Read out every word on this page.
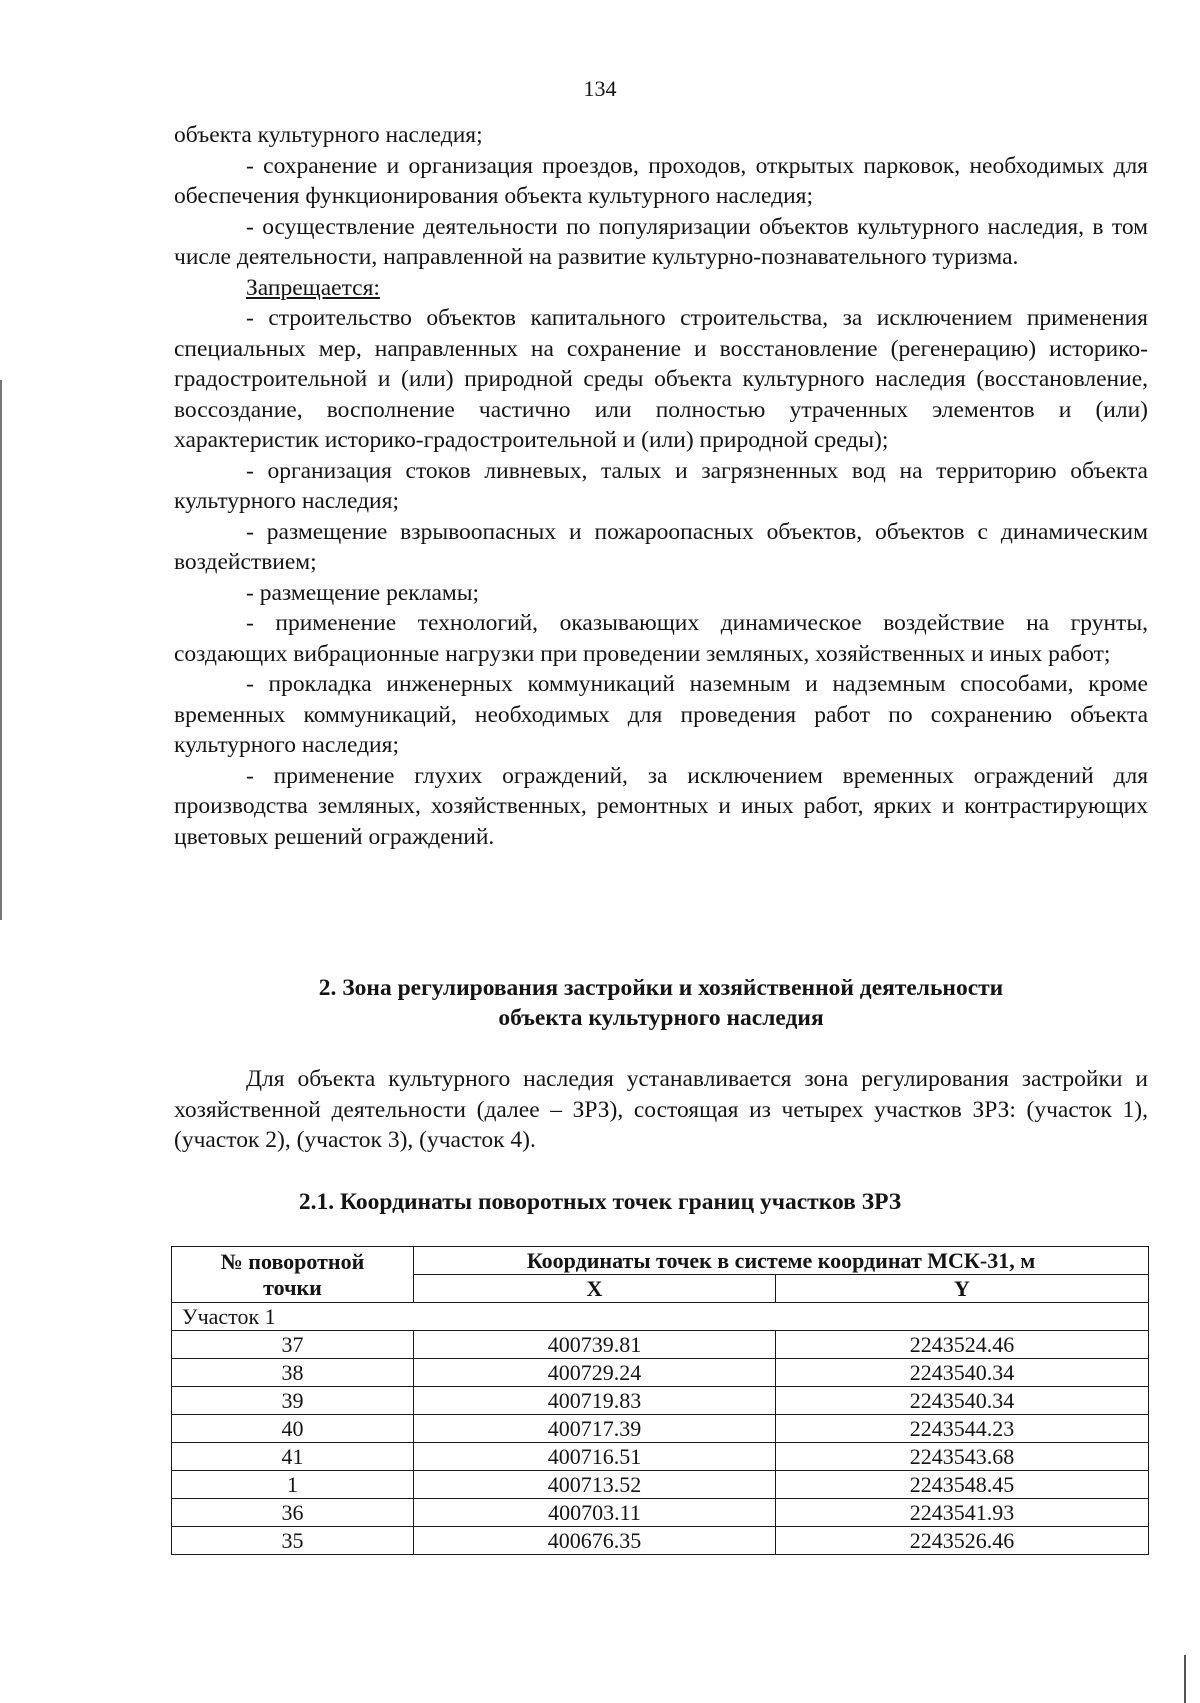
134

объекта культурного наследия;

- сохранение и организация проездов, проходов, открытых парковок, необходимых для обеспечения функционирования объекта культурного наследия;

- осуществление деятельности по популяризации объектов культурного наследия, в том числе деятельности, направленной на развитие культурно-познавательного туризма.

Запрещается:

- строительство объектов капитального строительства, за исключением применения специальных мер, направленных на сохранение и восстановление (регенерацию) историко-градостроительной и (или) природной среды объекта культурного наследия (восстановление, воссоздание, восполнение частично или полностью утраченных элементов и (или) характеристик историко-градостроительной и (или) природной среды);

- организация стоков ливневых, талых и загрязненных вод на территорию объекта культурного наследия;

- размещение взрывоопасных и пожароопасных объектов, объектов с динамическим воздействием;

- размещение рекламы;

- применение технологий, оказывающих динамическое воздействие на грунты, создающих вибрационные нагрузки при проведении земляных, хозяйственных и иных работ;

- прокладка инженерных коммуникаций наземным и надземным способами, кроме временных коммуникаций, необходимых для проведения работ по сохранению объекта культурного наследия;

- применение глухих ограждений, за исключением временных ограждений для производства земляных, хозяйственных, ремонтных и иных работ, ярких и контрастирующих цветовых решений ограждений.

2. Зона регулирования застройки и хозяйственной деятельности
объекта культурного наследия

Для объекта культурного наследия устанавливается зона регулирования застройки и хозяйственной деятельности (далее – ЗРЗ), состоящая из четырех участков ЗРЗ: (участок 1), (участок 2), (участок 3), (участок 4).

2.1. Координаты поворотных точек границ участков ЗРЗ
№ поворотной
точки	Координаты точек в системе координат МСК-31, м	
	X	Y
Участок 1		
37	400739.81	2243524.46
38	400729.24	2243540.34
39	400719.83	2243540.34
40	400717.39	2243544.23
41	400716.51	2243543.68
1	400713.52	2243548.45
36	400703.11	2243541.93
35	400676.35	2243526.46
